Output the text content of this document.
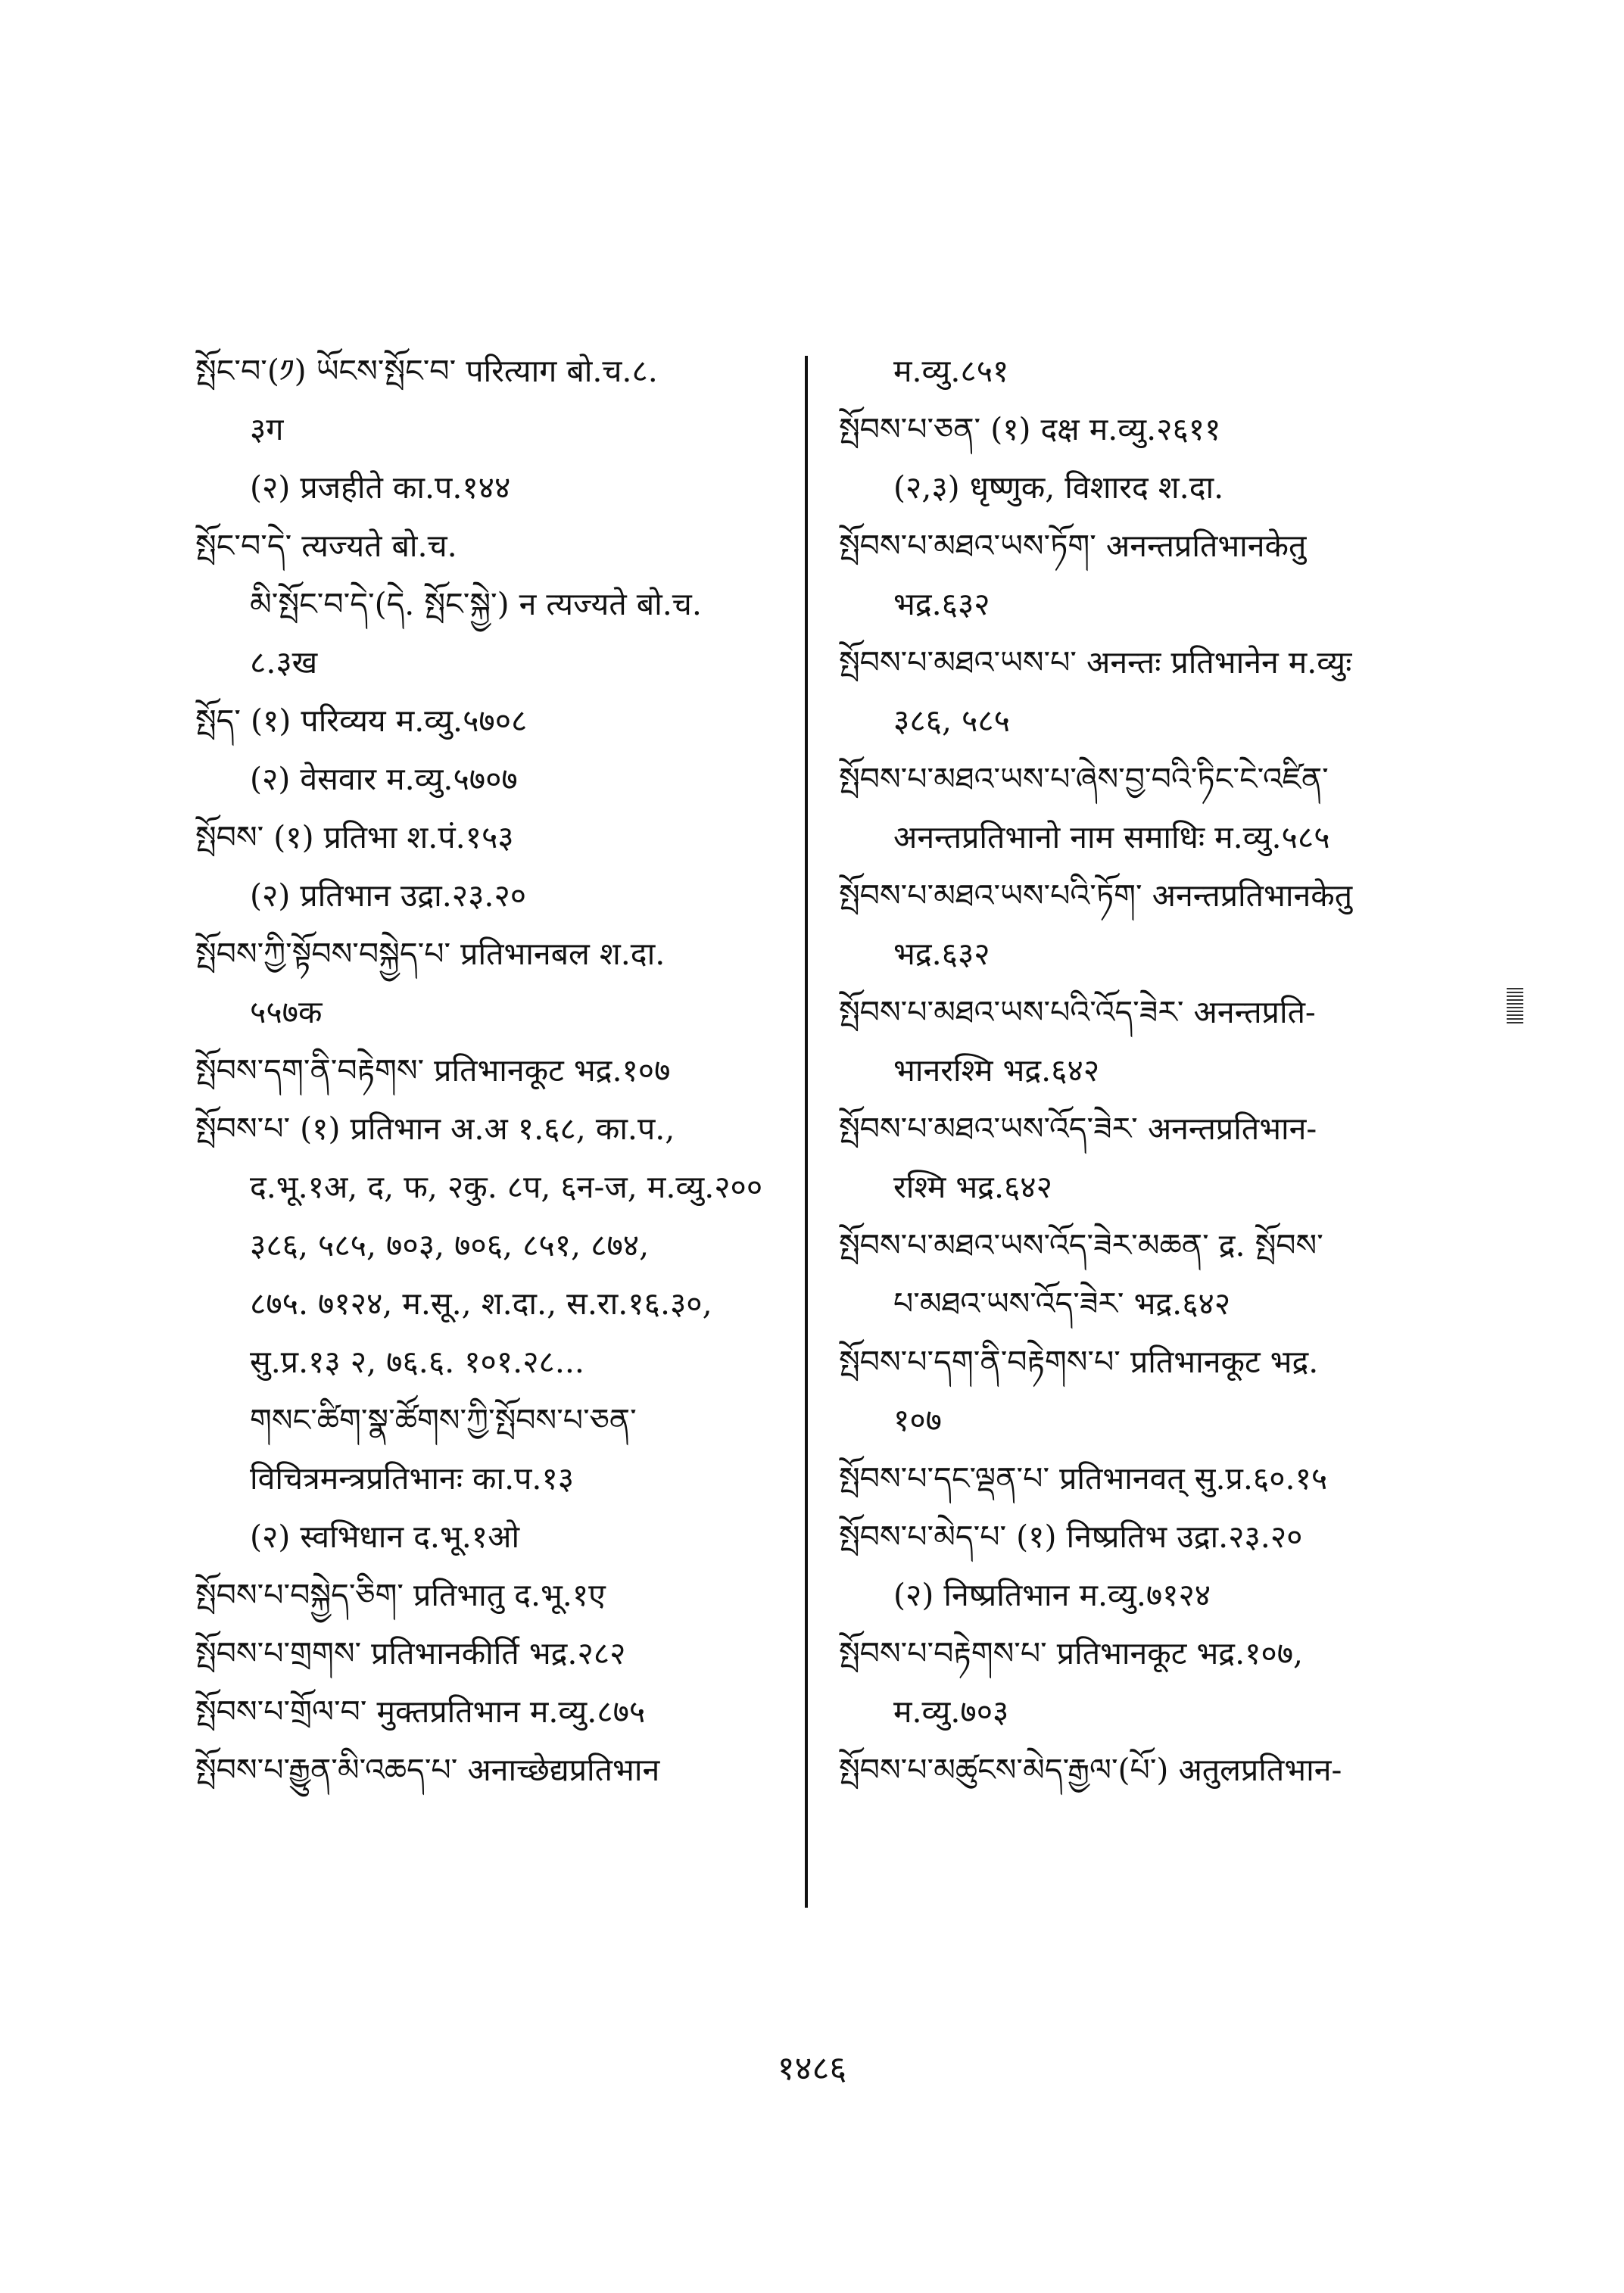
སྤོང་བ་(༡) ཡོངས་སྤོང་བ་ परित्याग बो.च.८.
३ग
(२) प्रजहीते का.प.१४४
སྤོང་བ་དེ་ त्यज्यते बो.च.
མི་སྤོང་བ་དེ་(དེ. སྤོང་སྐྱེ་) न त्यज्यते बो.च.
८.३ख
སྤོད་ (१) परिव्यय म.व्यु.५७०८
(२) वेसवार म.व्यु.५७०७
སྤོབས་ (१) प्रतिभा श.पं.१५३
(२) प्रतिभान उद्रा.२३.२०
སྤོབས་ཀྱི་སྟོབས་བསྐྱེད་པ་ प्रतिभानबल श.दा.
५५७क
སྤོབས་དག་ནི་བརྟེགས་ प्रतिभानकूट भद्र.१०७
སྤོབས་པ་ (१) प्रतिभान अ.अ १.६८, का.प.,
द.भू.१अ, द, फ, २कु. ८प, ६न-ज, म.व्यु.२००
३८६, ५८५, ७०३, ७०६, ८५१, ८७४,
८७५. ७१२४, म.सू., श.दा., स.रा.१६.३०,
सु.प्र.१३ २, ७६.६. १०१.२८...
གསང་ཚིག་སྣ་ཚོགས་ཀྱི་སྤོབས་པ་ཅན་
विचित्रमन्त्रप्रतिभानः का.प.१३
(२) स्वभिधान द.भू.१ओ
སྤོབས་པ་བསྐྱེད་ཅིག་ प्रतिभातु द.भू.१ए
སྤོབས་པ་གྲགས་ प्रतिभानकीर्ति भद्र.२८२
སྤོབས་པ་གྲོལ་བ་ मुक्तप्रतिभान म.व्यु.८७५
སྤོབས་པ་རྒྱུན་མི་འཆད་པ་ अनाच्छेद्यप्रतिभान
म.व्यु.८५१
སྤོབས་པ་ཅན་ (१) दक्ष म.व्यु.२६११
(२,३) धृष्णुक, विशारद श.दा.
སྤོབས་པ་མཐའ་ཡས་ཏོག་ अनन्तप्रतिभानकेतु
भद्र.६३२
སྤོབས་པ་མཐའ་ཡས་པ་ अनन्तः प्रतिभानेन म.व्युः
३८६, ५८५
སྤོབས་པ་མཐའ་ཡས་པ་ཞེས་བྱ་བའི་ཏིང་ངེ་འཛིན་
अनन्तप्रतिभानो नाम समाधिः म.व्यु.५८५
སྤོབས་པ་མཐའ་ཡས་པའི་ཏོག་ अनन्तप्रतिभानकेतु
भद्र.६३२
སྤོབས་པ་མཐའ་ཡས་པའི་འོད་ཟེར་ अनन्तप्रति-
भानरश्मि भद्र.६४२
སྤོབས་པ་མཐའ་ཡས་འོད་ཟེར་ अनन्तप्रतिभान-
रश्मि भद्र.६४२
སྤོབས་པ་མཐའ་ཡས་འོད་ཟེར་མཆན་ द्र. སྤོབས་
པ་མཐའ་ཡས་འོད་ཟེར་ भद्र.६४२
སྤོབས་པ་དག་ནི་བརྟེགས་པ་ प्रतिभानकूट भद्र.
१०७
སྤོབས་པ་དང་ལྡན་པ་ प्रतिभानवत् सु.प्र.६०.१५
སྤོབས་པ་མེད་པ་ (१) निष्प्रतिभ उद्रा.२३.२०
(२) निष्प्रतिभान म.व्यु.७१२४
སྤོབས་པ་བརྟེགས་པ་ प्रतिभानकूट भद्र.१०७,
म.व्यु.७०३
སྤོབས་པ་མཚུངས་མེད་རྒྱལ་(པོ་) अतुलप्रतिभान-
१४८६
